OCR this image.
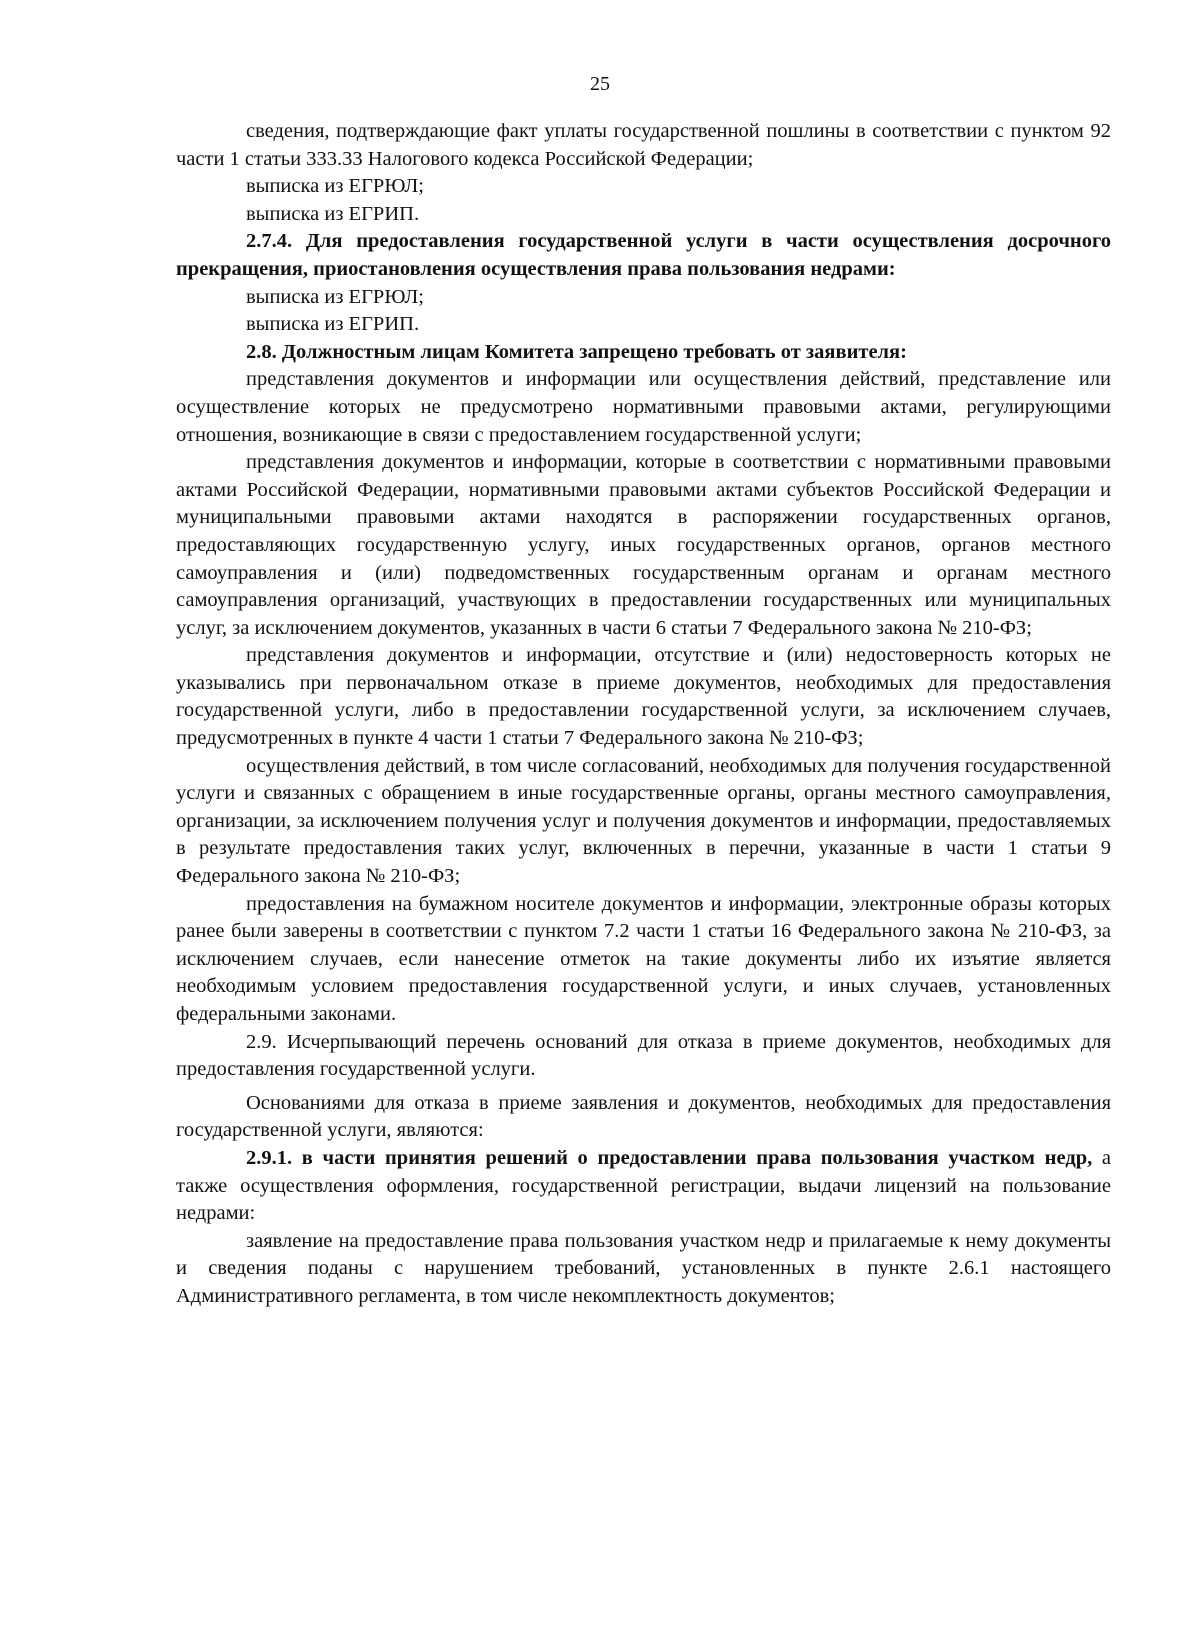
25

сведения, подтверждающие факт уплаты государственной пошлины в соответствии с пунктом 92 части 1 статьи 333.33 Налогового кодекса Российской Федерации;

выписка из ЕГРЮЛ;

выписка из ЕГРИП.

2.7.4. Для предоставления государственной услуги в части осуществления досрочного прекращения, приостановления осуществления права пользования недрами:

выписка из ЕГРЮЛ;

выписка из ЕГРИП.

2.8. Должностным лицам Комитета запрещено требовать от заявителя:

представления документов и информации или осуществления действий, представление или осуществление которых не предусмотрено нормативными правовыми актами, регулирующими отношения, возникающие в связи с предоставлением государственной услуги;

представления документов и информации, которые в соответствии с нормативными правовыми актами Российской Федерации, нормативными правовыми актами субъектов Российской Федерации и муниципальными правовыми актами находятся в распоряжении государственных органов, предоставляющих государственную услугу, иных государственных органов, органов местного самоуправления и (или) подведомственных государственным органам и органам местного самоуправления организаций, участвующих в предоставлении государственных или муниципальных услуг, за исключением документов, указанных в части 6 статьи 7 Федерального закона № 210-ФЗ;

представления документов и информации, отсутствие и (или) недостоверность которых не указывались при первоначальном отказе в приеме документов, необходимых для предоставления государственной услуги, либо в предоставлении государственной услуги, за исключением случаев, предусмотренных в пункте 4 части 1 статьи 7 Федерального закона № 210-ФЗ;

осуществления действий, в том числе согласований, необходимых для получения государственной услуги и связанных с обращением в иные государственные органы, органы местного самоуправления, организации, за исключением получения услуг и получения документов и информации, предоставляемых в результате предоставления таких услуг, включенных в перечни, указанные в части 1 статьи 9 Федерального закона № 210-ФЗ;

предоставления на бумажном носителе документов и информации, электронные образы которых ранее были заверены в соответствии с пунктом 7.2 части 1 статьи 16 Федерального закона № 210-ФЗ, за исключением случаев, если нанесение отметок на такие документы либо их изъятие является необходимым условием предоставления государственной услуги, и иных случаев, установленных федеральными законами.

2.9. Исчерпывающий перечень оснований для отказа в приеме документов, необходимых для предоставления государственной услуги.

Основаниями для отказа в приеме заявления и документов, необходимых для предоставления государственной услуги, являются:

2.9.1. в части принятия решений о предоставлении права пользования участком недр, а также осуществления оформления, государственной регистрации, выдачи лицензий на пользование недрами:

заявление на предоставление права пользования участком недр и прилагаемые к нему документы и сведения поданы с нарушением требований, установленных в пункте 2.6.1 настоящего Административного регламента, в том числе некомплектность документов;
